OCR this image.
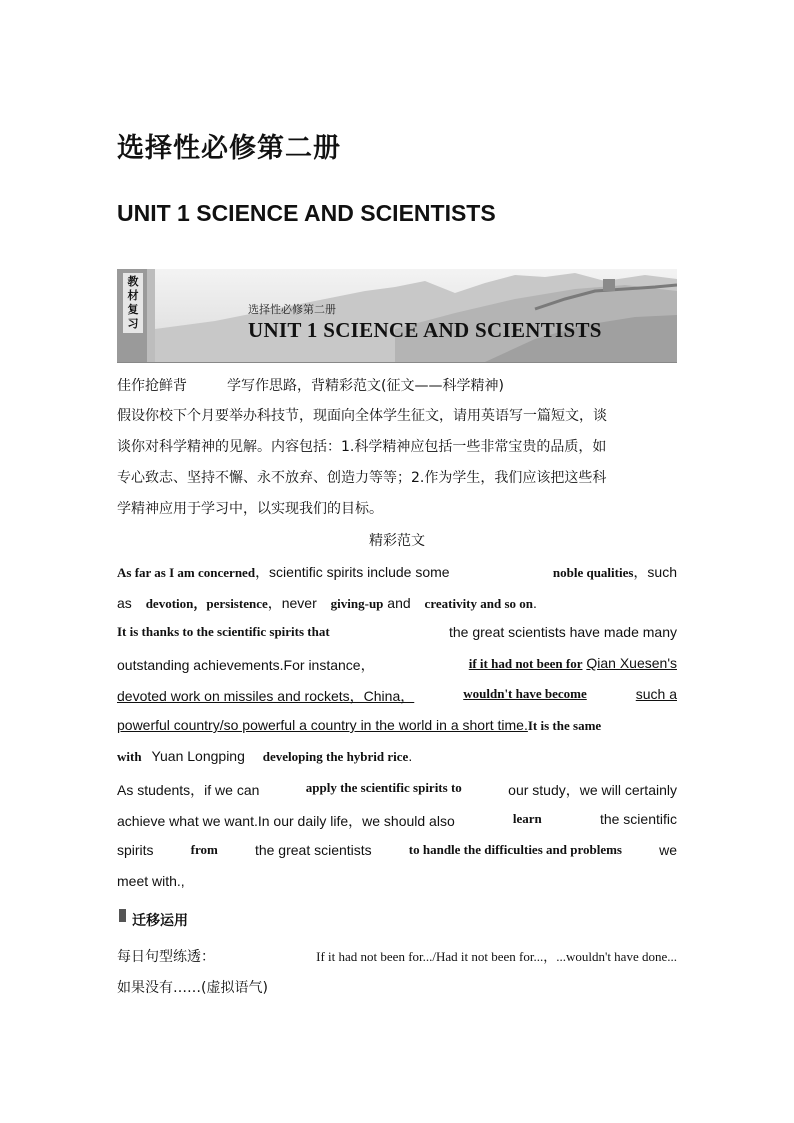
选择性必修第二册
UNIT 1 SCIENCE AND SCIENTISTS
教材复习
选择性必修第二册
UNIT 1 SCIENCE AND SCIENTISTS
佳作抢鲜背	学写作思路，背精彩范文(征文——科学精神)
假设你校下个月要举办科技节，现面向全体学生征文，请用英语写一篇短文，谈
谈你对科学精神的见解。内容包括：1.科学精神应包括一些非常宝贵的品质，如
专心致志、坚持不懈、永不放弃、创造力等等；2.作为学生，我们应该把这些科
学精神应用于学习中，以实现我们的目标。
精彩范文
As far as I am concerned，scientific spirits include some	noble qualities，such
as devotion，persistence，never giving-up and creativity and so on.
It is thanks to the scientific spirits that	the great scientists have made many
outstanding achievements.For instance，	if it had not been for Qian Xuesen's
devoted work on missiles and rockets，China，	wouldn't have become	such a
powerful country/so powerful a country in the world in a short time.It is the same
with Yuan Longping developing the hybrid rice.
As students，if we can	apply the scientific spirits to	our study，we will certainly
achieve what we want.In our daily life，we should also	learn	the scientific
spirits	from	the great scientists	to handle the difficulties and problems	we
meet with.,
迁移运用
每日句型练透：	If it had not been for.../Had it not been for...，...wouldn't have done...
如果没有……(虚拟语气)
